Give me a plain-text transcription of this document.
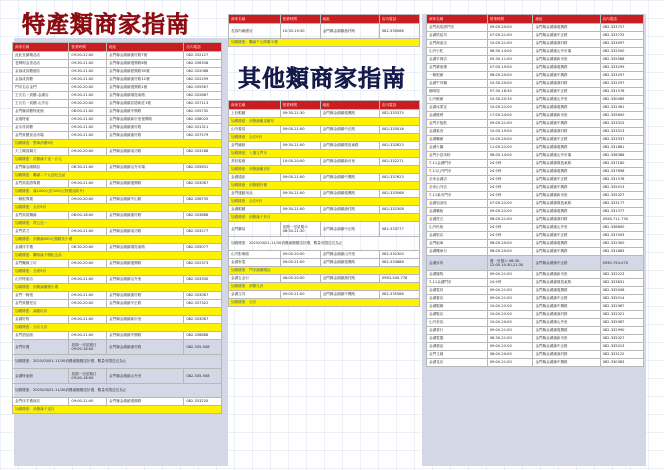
特產類商家指南
其他類商家指南
商家名稱	營業時間	地址	店內電話
此此宜鎮精品店	09:00-22:00	金門縣金湖鎮漁村路7號	082-332127
老牌阿金香品店	09:30-21:00	金門縣金湖鎮復興路8號	082-336338
金協成貢糖總店	09:30-21:00	金門縣金湖鎮夏興路30號	082-332088
金協成貢糖	09:00-21:00	金門縣金湖鎮漁村路12號	082-332299
門市名店金門	09:00-20:00	金門縣金湖鎮復興路1號	082-335567
王氏名一貢糖-金湖店	09:00-21:00	金門縣金湖鎮環島東路	082-332887
王氏名一貢糖-山外店	09:00-20:00	金門縣金湖鎮武德新莊1號	082-337113
金門縣貢糖特產館	08:00-21:00	金門縣金湖鎮中興路	082-335732
金瑞特產	09:00-21:00	金門縣金湖鎮新市里復興路	082-338020
金永祥貢糖	09:00-21:00	金門縣金湖鎮漁村路	082-331311
金門貢糖食品市場	09:00-21:00	金門縣金湖鎮漁村路	082-337579
加碼優惠：整筆消費9折			
天工陳高鋼刀	09:00-20:00	金門縣金湖鎮成功路	082-333188
加碼優惠：消費滿千送一百元			
金門縣金湖精品	08:30-21:00	金門縣金湖鎮山外市場	082-335631
加碼優惠：購滿二千元送紀念品			
金門高粱酒專賣	09:00-21:00	金門縣金湖鎮復興路	082-333067
加碼優惠：滿1000元折100元(特價品除外)			
一條根專賣	09:00-20:00	金門縣金湖鎮中山路	082-336735
加碼優惠：全店9折			
金門高粱麵線	08:00-18:00	金門縣金湖鎮漁村路	082-333888
加碼優惠：買五送一			
金門菜刀	09:00-21:00	金門縣金湖鎮成功路	082-333277
加碼優惠：消費滿500元贈精美小禮			
金湖伴手禮	08:30-20:00	金門縣金湖鎮環島東路	082-335077
加碼優惠：購物滿千贈紀念品			
金門麵線工坊	09:00-20:00	金門縣金湖鎮復興路	082-332373
加碼優惠：全面9折			
山外特產店	09:00-21:00	金門縣金湖鎮山外里	082-333330
加碼優惠：消費滿額贈小禮			
金門一條根	09:00-21:00	金門縣金湖鎮漁村路	082-333067
金門貢糖老店	09:00-20:00	金門縣金湖鎮中正路	082-337322
加碼優惠：滿額折扣			
金湖好物	09:00-21:00	金門縣金湖鎮新市里	082-333067
加碼優惠：全店九折			
金門酒品館	09:00-21:00	金門縣金湖鎮中興路	082-336888
金門好禮	星期一至星期日 09:00-18:00	金門縣金湖鎮漁村路	082-335-508
加碼優惠：2025/03/01-11/30消費滿額贈送好禮，數量有限送完為止			
金湖特產館	星期一至星期日 09:00-18:00	金門縣金湖鎮山外里	082-335-508
加碼優惠：2025/03/01-11/30消費滿額贈送好禮，數量有限送完為止			
金門伴手禮商店	09:00-21:00	金門縣金湖鎮復興路	082-333220
加碼優惠：消費滿千送百			
商家名稱	營業時間	地址	店內電話
長春肉燥總店	10:30-19:30	金門縣金湖鎮漁村路	082-335066
加碼優惠：購滿千元即贈小禮			
商家名稱	營業時間	地址	店內電話
上好眼鏡	09:30-21:30	金門縣金湖鎮復興路	082-333375
加碼優惠：消費滿額送鏡布			
山外書局	09:00-21:00	金門縣金湖鎮中正路	082-333016
加碼優惠：全店9折			
金門鐘錶	09:30-21:00	金門縣金湖鎮環島東路	082-332823
加碼優惠：入選九門市			
美好髮廊	10:00-20:00	金門縣金湖鎮新市里	082-332271
加碼優惠：消費滿額折扣			
金湖通訊	09:00-21:00	金門縣金湖鎮中興路	082-337623
加碼優惠：消費贈好禮			
金門運動用品	09:30-21:00	金門縣金湖鎮復興路	082-333568
加碼優惠：全店9折			
金湖眼鏡	09:30-21:00	金門縣金湖鎮漁村路	082-332308
加碼優惠：消費滿千折百			
金門藥局	星期一至星期六 08:30-21:30	金門縣金湖鎮中正路	082-333777
加碼優惠：2025/03/01-11/30消費滿額贈送好禮，數量有限送完為止			
山外影像館	09:00-20:00	金門縣金湖鎮山外里	082-332300
金湖家電	09:00-21:00	金門縣金湖鎮復興路	082-333888
加碼優惠：門市滿額贈品			
金湖五金行	08:00-20:00	金門縣金湖鎮漁村路	0963-540-778
加碼優惠：消費九折			
金湖文具	09:00-21:00	金門縣金湖鎮中興路	082-335566
加碼優惠：全店			
商家名稱	營業時間	地址	店內電話
金門高粱酒門市	09:00-20:00	金門縣金湖鎮復興路	082-333757
金湖烘焙坊	07:00-21:00	金門縣金湖鎮中正路	082-333725
金門海產店	10:00-21:00	金門縣金湖鎮漁村路	082-333097
山外小吃	06:30-14:00	金門縣金湖鎮山外市場	082-332500
金湖早餐店	05:30-11:00	金門縣金湖鎮新市里	082-335588
金門廣東粥	07:00-19:00	金門縣金湖鎮復興路	082-333299
一條根館	08:00-20:00	金門縣金湖鎮中興路	082-333297
金湖牛肉麵	10:30-20:00	金門縣金湖鎮漁村路	082-332297
咖啡屋	07:30-18:30	金門縣金湖鎮中正路	082-331578
山外飯館	10:30-20:30	金門縣金湖鎮山外里	082-330085
金湖冰果室	10:00-22:00	金門縣金湖鎮復興路	082-332361
金湖燒烤	17:00-24:00	金門縣金湖鎮新市里	082-335600
金門手搖飲	09:00-21:00	金門縣金湖鎮中興路	082-333315
金湖素食	10:00-19:00	金門縣金湖鎮漁村路	082-333313
金湖麵館	10:00-20:00	金門縣金湖鎮中正路	082-333337
金湖火鍋	11:00-22:00	金門縣金湖鎮復興路	082-331881
金門小卷米粉	06:00-14:00	金門縣金湖鎮山外市場	082-336388
7-11金湖門市	24小時	金門縣金湖鎮環島東路	082-337180
7-11山外門市	24小時	金門縣金湖鎮復興路	082-337898
全家金湖店	24小時	金門縣金湖鎮中正路	082-331578
全家山外店	24小時	金門縣金湖鎮中興路	082-335013
7-11新市門市	24小時	金門縣金湖鎮新市里	082-335327
金湖加油站	07:00-22:00	金門縣金湖鎮環島東路	082-333177
金湖藥妝	09:00-22:00	金門縣金湖鎮復興路	082-331377
金湖洗衣	08:00-21:00	金門縣金湖鎮漁村路	0928-711-730
山外民宿	24小時	金門縣金湖鎮山外里	082-336600
金湖旅店	24小時	金門縣金湖鎮中正路	082-337003
金門租車	08:00-20:00	金門縣金湖鎮復興路	082-332300
金湖機車行	08:00-20:00	金門縣金湖鎮中興路	082-331885
金湖診所	週一至週六 08:30-12:00 14:30-21:30	金門縣金湖鎮中正路	0930-754-070
金湖寵物	09:00-21:00	金門縣金湖鎮新市里	082-332223
7-11金湖門市	24小時	金門縣金湖鎮環島東路	082-333831
金湖電信	09:00-21:00	金門縣金湖鎮復興路	082-335008
金湖書店	09:00-21:00	金門縣金湖鎮中正路	082-335514
金湖服飾	10:00-22:00	金門縣金湖鎮中興路	082-332987
金湖鞋店	10:00-22:00	金門縣金湖鎮漁村路	082-332321
山外美容	10:00-20:00	金門縣金湖鎮山外里	082-335987
金湖茶行	09:00-21:00	金門縣金湖鎮復興路	082-332990
金湖電器	08:30-21:00	金門縣金湖鎮新市里	082-335327
金湖藝品	09:00-22:00	金門縣金湖鎮中正路	082-335013
金門文創	08:00-20:00	金門縣金湖鎮漁村路	082-333122
金湖花店	09:00-21:00	金門縣金湖鎮中興路	082-330383
